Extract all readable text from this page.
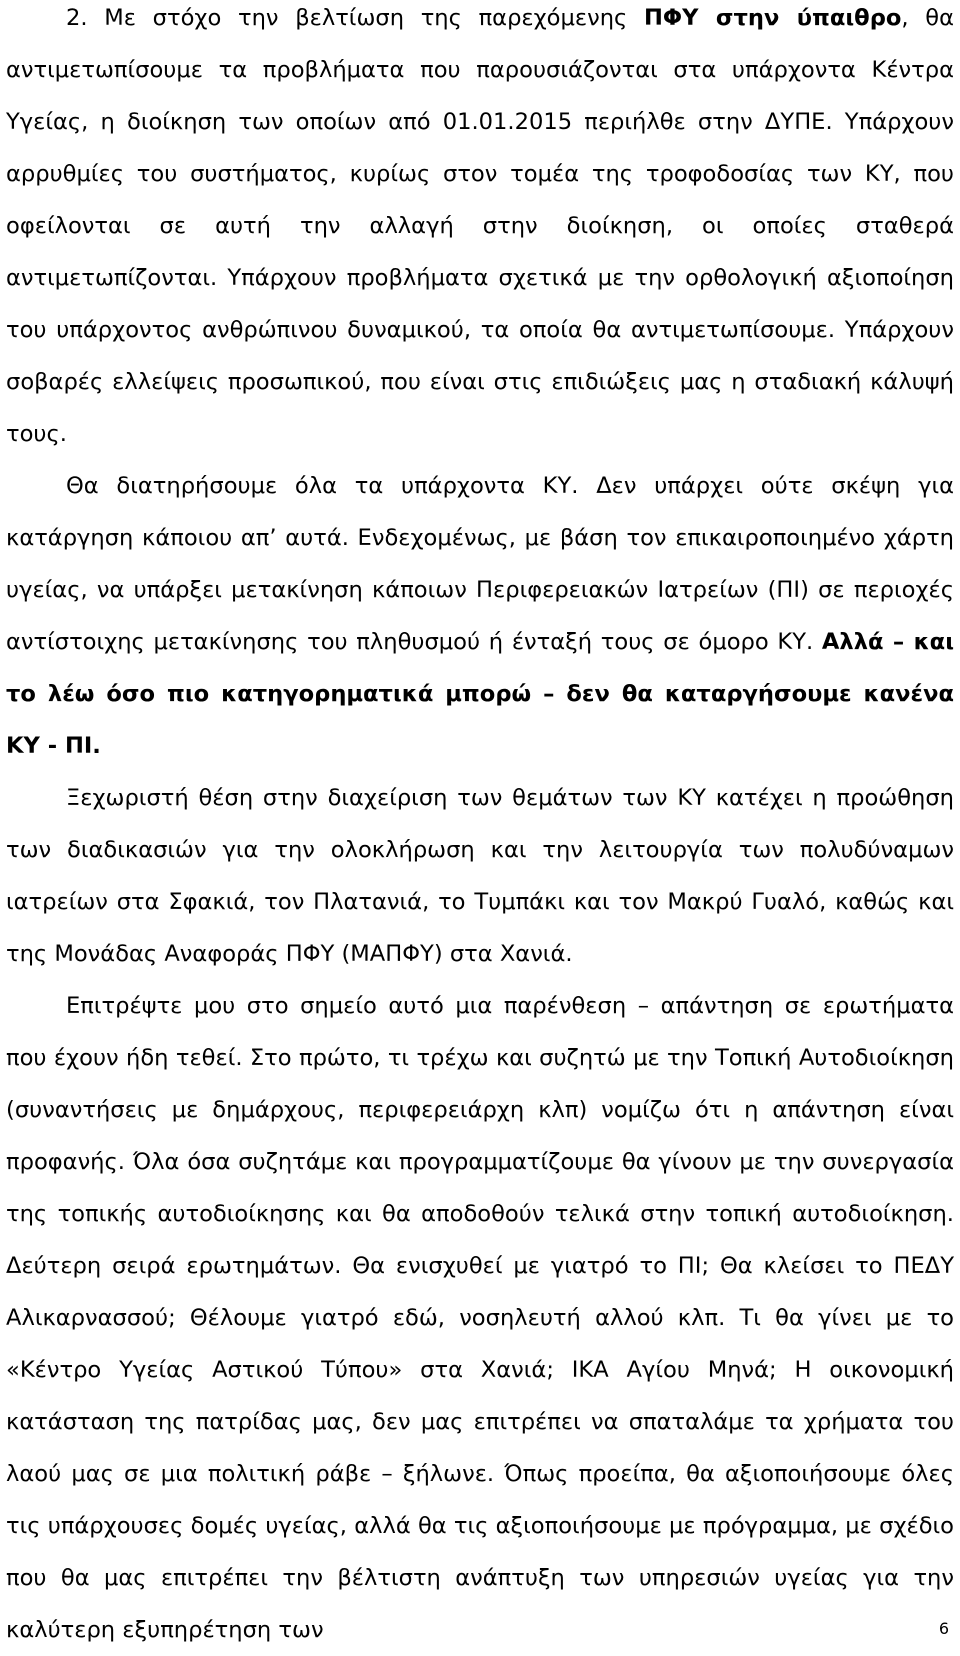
2. Με στόχο την βελτίωση της παρεχόμενης ΠΦΥ στην ύπαιθρο, θα αντιμετωπίσουμε τα προβλήματα που παρουσιάζονται στα υπάρχοντα Κέντρα Υγείας, η διοίκηση των οποίων από 01.01.2015 περιήλθε στην ΔΥΠΕ. Υπάρχουν αρρυθμίες του συστήματος, κυρίως στον τομέα της τροφοδοσίας των ΚΥ, που οφείλονται σε αυτή την αλλαγή στην διοίκηση, οι οποίες σταθερά αντιμετωπίζονται. Υπάρχουν προβλήματα σχετικά με την ορθολογική αξιοποίηση του υπάρχοντος ανθρώπινου δυναμικού, τα οποία θα αντιμετωπίσουμε. Υπάρχουν σοβαρές ελλείψεις προσωπικού, που είναι στις επιδιώξεις μας η σταδιακή κάλυψή τους.

Θα διατηρήσουμε όλα τα υπάρχοντα ΚΥ. Δεν υπάρχει ούτε σκέψη για κατάργηση κάποιου απ’ αυτά. Ενδεχομένως, με βάση τον επικαιροποιημένο χάρτη υγείας, να υπάρξει μετακίνηση κάποιων Περιφερειακών Ιατρείων (ΠΙ) σε περιοχές αντίστοιχης μετακίνησης του πληθυσμού ή ένταξή τους σε όμορο ΚΥ. Αλλά – και το λέω όσο πιο κατηγορηματικά μπορώ – δεν θα καταργήσουμε κανένα ΚΥ - ΠΙ.

Ξεχωριστή θέση στην διαχείριση των θεμάτων των ΚΥ κατέχει η προώθηση των διαδικασιών για την ολοκλήρωση και την λειτουργία των πολυδύναμων ιατρείων στα Σφακιά, τον Πλατανιά, το Τυμπάκι και τον Μακρύ Γυαλό, καθώς και της Μονάδας Αναφοράς ΠΦΥ (ΜΑΠΦΥ) στα Χανιά.

Επιτρέψτε μου στο σημείο αυτό μια παρένθεση – απάντηση σε ερωτήματα που έχουν ήδη τεθεί. Στο πρώτο, τι τρέχω και συζητώ με την Τοπική Αυτοδιοίκηση (συναντήσεις με δημάρχους, περιφερειάρχη κλπ) νομίζω ότι η απάντηση είναι προφανής. Όλα όσα συζητάμε και προγραμματίζουμε θα γίνουν με την συνεργασία της τοπικής αυτοδιοίκησης και θα αποδοθούν τελικά στην τοπική αυτοδιοίκηση. Δεύτερη σειρά ερωτημάτων. Θα ενισχυθεί με γιατρό το ΠΙ; Θα κλείσει το ΠΕΔΥ Αλικαρνασσού; Θέλουμε γιατρό εδώ, νοσηλευτή αλλού κλπ. Τι θα γίνει με το «Κέντρο Υγείας Αστικού Τύπου» στα Χανιά; ΙΚΑ Αγίου Μηνά; Η οικονομική κατάσταση της πατρίδας μας, δεν μας επιτρέπει να σπαταλάμε τα χρήματα του λαού μας σε μια πολιτική ράβε – ξήλωνε. Όπως προείπα, θα αξιοποιήσουμε όλες τις υπάρχουσες δομές υγείας, αλλά θα τις αξιοποιήσουμε με πρόγραμμα, με σχέδιο που θα μας επιτρέπει την βέλτιστη ανάπτυξη των υπηρεσιών υγείας για την καλύτερη εξυπηρέτηση των	6
